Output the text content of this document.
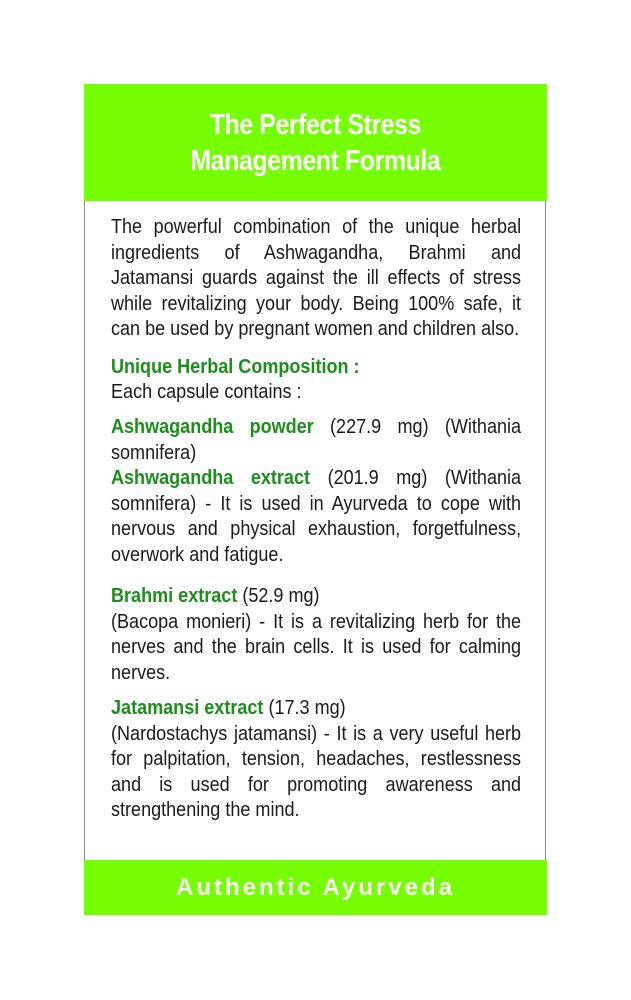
The Perfect Stress
Management Formula

The powerful combination of the unique herbal ingredients of Ashwagandha, Brahmi and Jatamansi guards against the ill effects of stress while revitalizing your body. Being 100% safe, it can be used by pregnant women and children also.

Unique Herbal Composition :

Each capsule contains :

Ashwagandha powder (227.9 mg) (Withania somnifera)

Ashwagandha extract (201.9 mg) (Withania somnifera) - It is used in Ayurveda to cope with nervous and physical exhaustion, forgetfulness, overwork and fatigue.

Brahmi extract (52.9 mg)

(Bacopa monieri) - It is a revitalizing herb for the nerves and the brain cells. It is used for calming nerves.

Jatamansi extract (17.3 mg)

(Nardostachys jatamansi) - It is a very useful herb for palpitation, tension, headaches, restlessness and is used for promoting awareness and strengthening the mind.

Authentic Ayurveda
